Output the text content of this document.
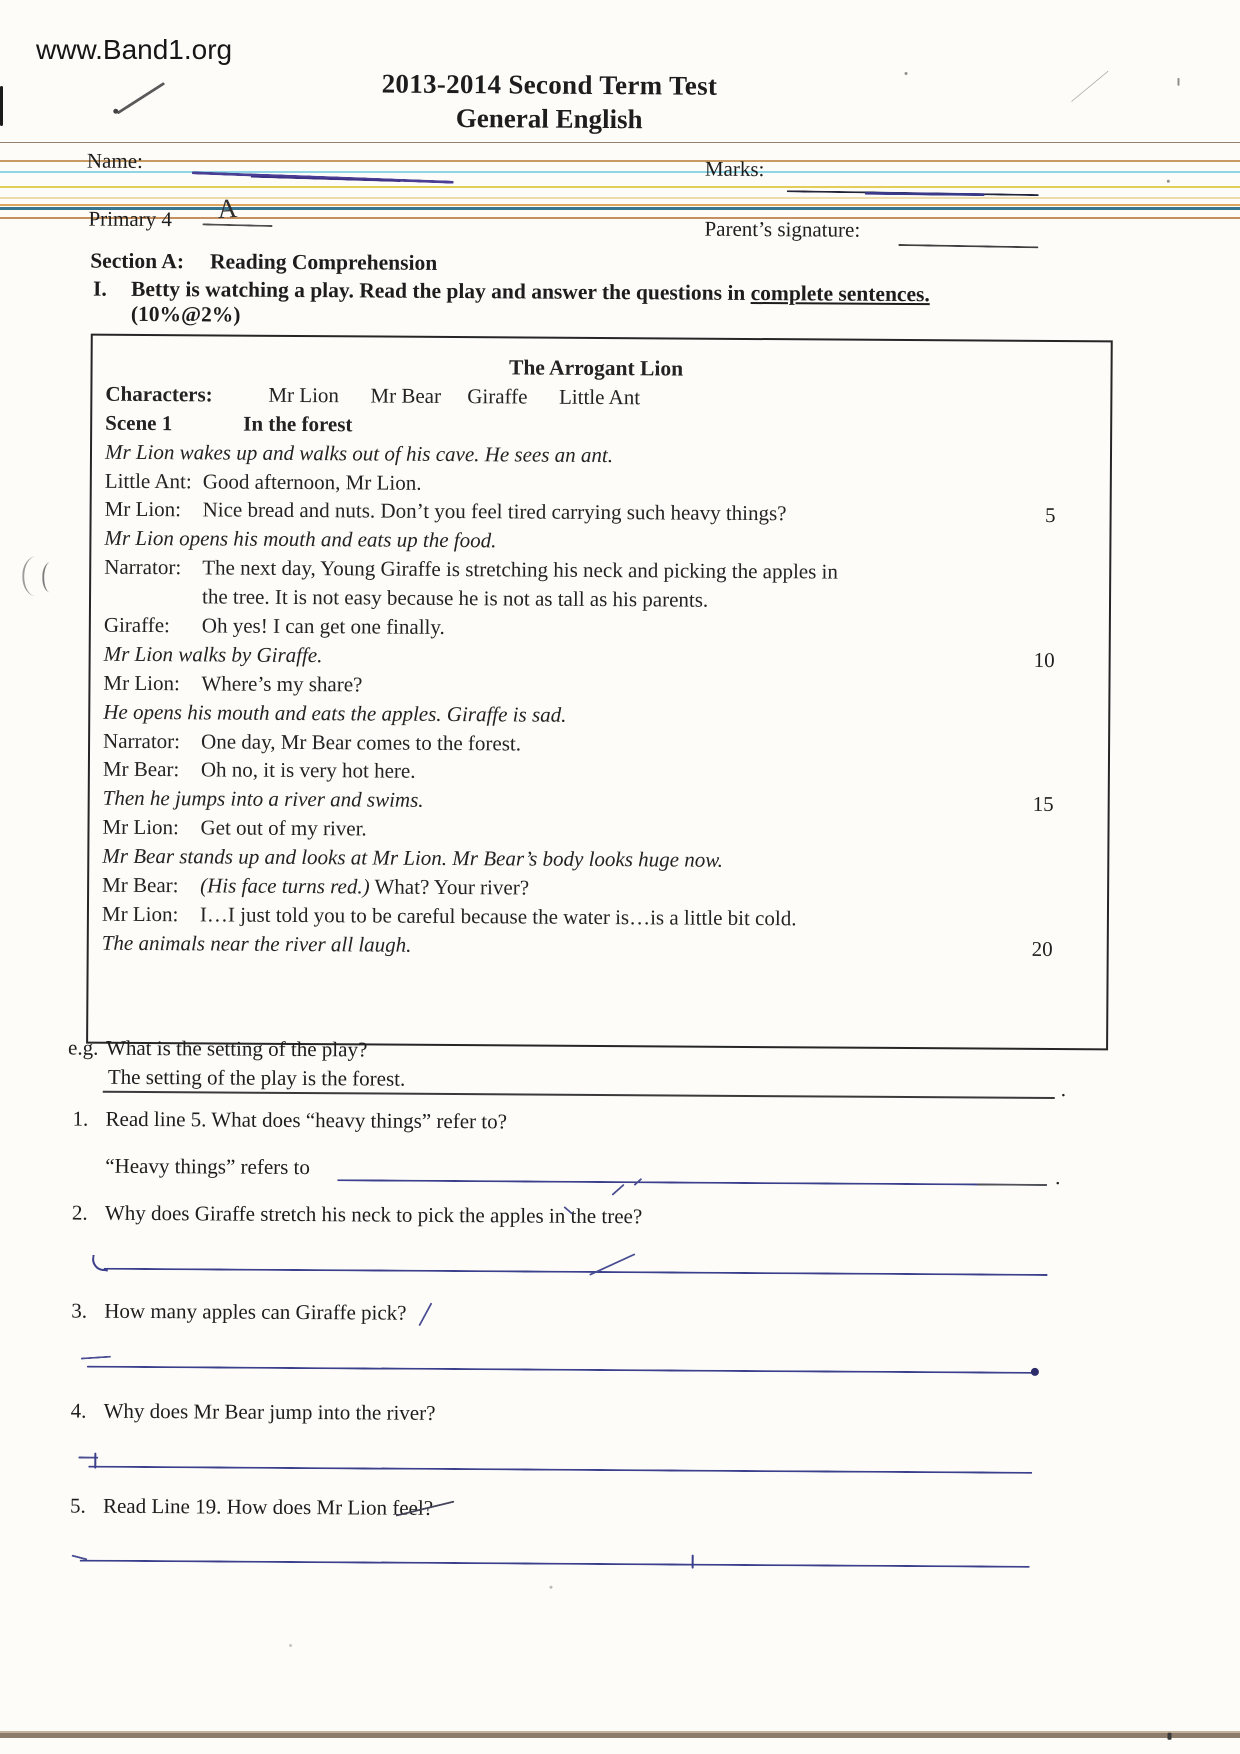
www.Band1.org
2013-2014 Second Term Test
General English
Name:	Marks:
Primary 4 A
Parent’s signature:
Section A: Reading Comprehension
I. Betty is watching a play. Read the play and answer the questions in complete sentences.
(10%@2%)
The Arrogant Lion
Characters:	Mr Lion      Mr Bear     Giraffe      Little Ant
Scene 1	In the forest
Mr Lion wakes up and walks out of his cave. He sees an ant.
Little Ant: Good afternoon, Mr Lion.
Mr Lion: Nice bread and nuts. Don’t you feel tired carrying such heavy things?	5
Mr Lion opens his mouth and eats up the food.
Narrator: The next day, Young Giraffe is stretching his neck and picking the apples in
the tree. It is not easy because he is not as tall as his parents.
Giraffe: Oh yes! I can get one finally.
Mr Lion walks by Giraffe.	10
Mr Lion: Where’s my share?
He opens his mouth and eats the apples. Giraffe is sad.
Narrator: One day, Mr Bear comes to the forest.
Mr Bear: Oh no, it is very hot here.
Then he jumps into a river and swims.	15
Mr Lion: Get out of my river.
Mr Bear stands up and looks at Mr Lion. Mr Bear’s body looks huge now.
Mr Bear: (His face turns red.) What? Your river?
Mr Lion: I…I just told you to be careful because the water is…is a little bit cold.
The animals near the river all laugh.	20
e.g. What is the setting of the play?
The setting of the play is the forest.	.
1. Read line 5. What does “heavy things” refer to?
“Heavy things” refers to	.
2. Why does Giraffe stretch his neck to pick the apples in the tree?
3. How many apples can Giraffe pick?
4. Why does Mr Bear jump into the river?
5. Read Line 19. How does Mr Lion feel?
